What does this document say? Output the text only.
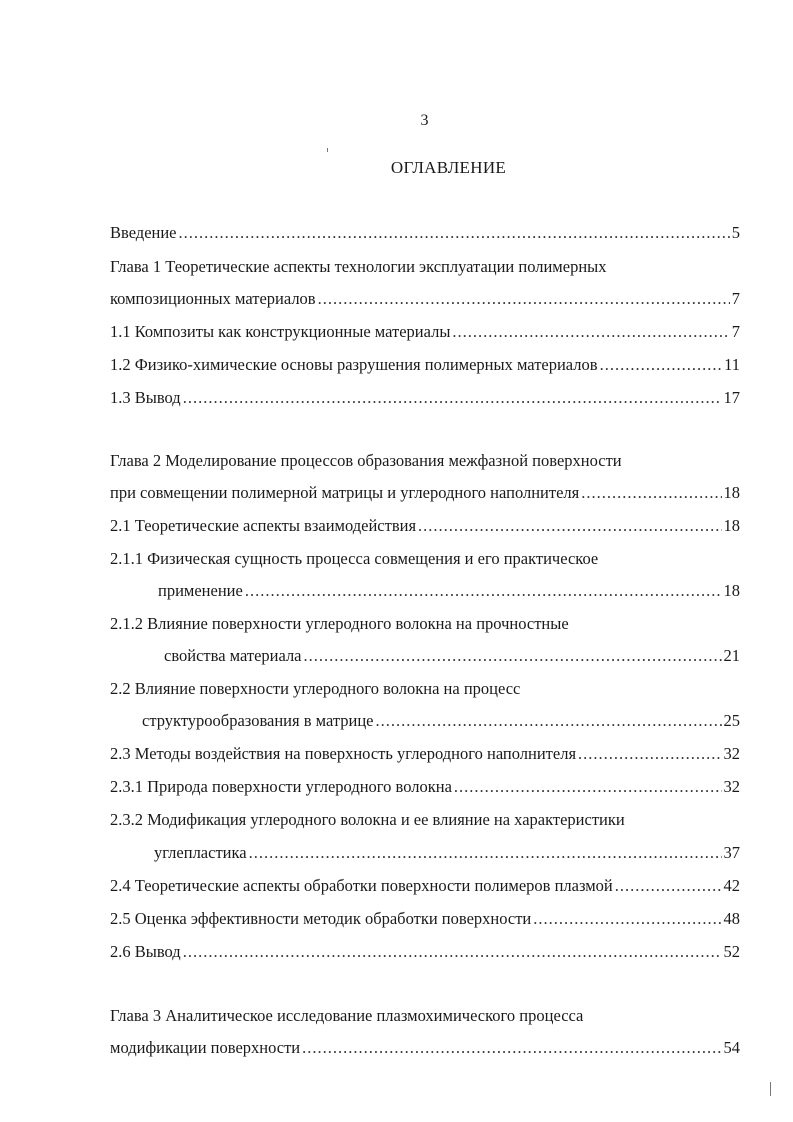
3
ОГЛАВЛЕНИЕ
Введение .....	5
Глава 1 Теоретические аспекты технологии эксплуатации полимерных
композиционных материалов .....	7
1.1 Композиты как конструкционные материалы .....	7
1.2 Физико-химические основы разрушения полимерных материалов .....	11
1.3 Вывод .....	17
Глава 2 Моделирование процессов образования межфазной поверхности
при совмещении полимерной матрицы и углеродного наполнителя .....	18
2.1 Теоретические аспекты взаимодействия .....	18
2.1.1 Физическая сущность процесса совмещения и его практическое
применение .....	18
2.1.2 Влияние поверхности углеродного волокна на прочностные
свойства материала .....	21
2.2 Влияние поверхности углеродного волокна на процесс
структурообразования в матрице .....	25
2.3 Методы воздействия на поверхность углеродного наполнителя .....	32
2.3.1 Природа поверхности углеродного волокна .....	32
2.3.2 Модификация углеродного волокна и ее влияние на характеристики
углепластика .....	37
2.4 Теоретические аспекты обработки поверхности полимеров плазмой .....	42
2.5 Оценка эффективности методик обработки поверхности .....	48
2.6 Вывод .....	52
Глава 3 Аналитическое исследование плазмохимического процесса
модификации поверхности .....	54
